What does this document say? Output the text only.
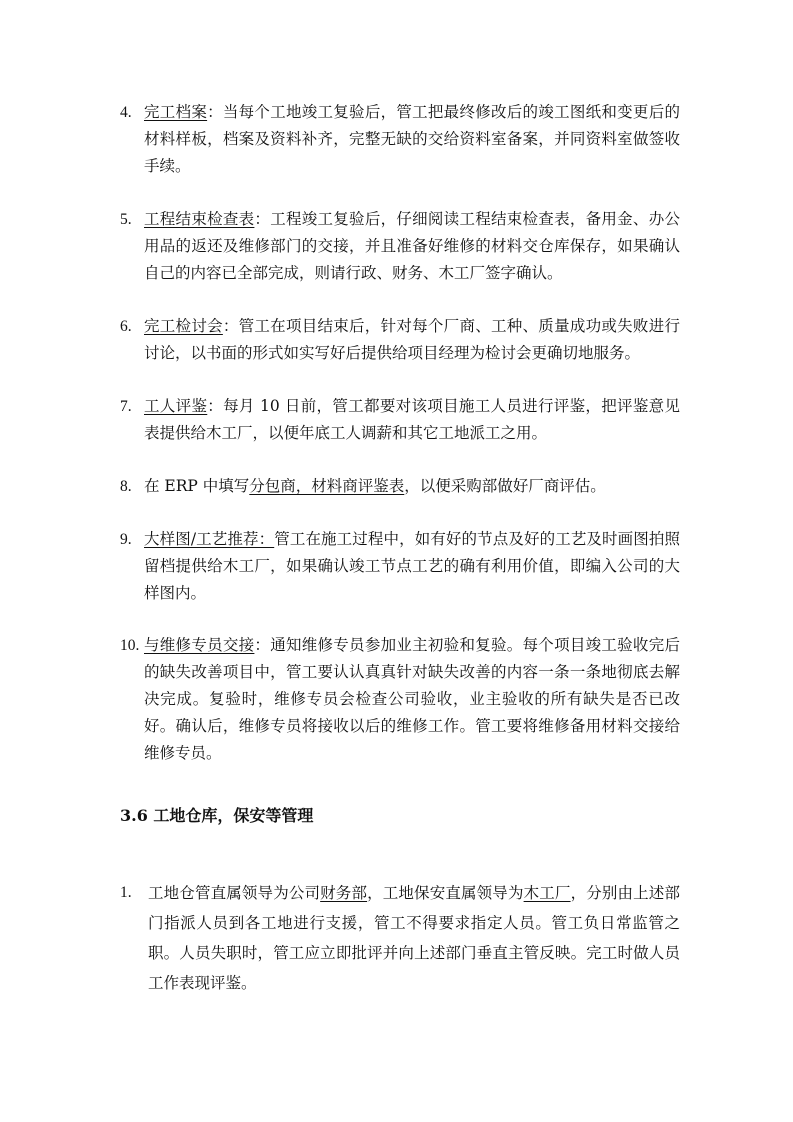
4. 完工档案：当每个工地竣工复验后，管工把最终修改后的竣工图纸和变更后的材料样板，档案及资料补齐，完整无缺的交给资料室备案，并同资料室做签收手续。
5. 工程结束检查表：工程竣工复验后，仔细阅读工程结束检查表，备用金、办公用品的返还及维修部门的交接，并且准备好维修的材料交仓库保存，如果确认自己的内容已全部完成，则请行政、财务、木工厂签字确认。
6. 完工检讨会：管工在项目结束后，针对每个厂商、工种、质量成功或失败进行讨论，以书面的形式如实写好后提供给项目经理为检讨会更确切地服务。
7. 工人评鉴：每月 10 日前，管工都要对该项目施工人员进行评鉴，把评鉴意见表提供给木工厂，以便年底工人调薪和其它工地派工之用。
8. 在 ERP 中填写分包商，材料商评鉴表，以便采购部做好厂商评估。
9. 大样图/工艺推荐：管工在施工过程中，如有好的节点及好的工艺及时画图拍照留档提供给木工厂，如果确认竣工节点工艺的确有利用价值，即编入公司的大样图内。
10. 与维修专员交接：通知维修专员参加业主初验和复验。每个项目竣工验收完后的缺失改善项目中，管工要认认真真针对缺失改善的内容一条一条地彻底去解决完成。复验时，维修专员会检查公司验收，业主验收的所有缺失是否已改好。确认后，维修专员将接收以后的维修工作。管工要将维修备用材料交接给维修专员。
3.6 工地仓库，保安等管理
1.	工地仓管直属领导为公司财务部，工地保安直属领导为木工厂，分别由上述部门指派人员到各工地进行支援，管工不得要求指定人员。管工负日常监管之职。人员失职时，管工应立即批评并向上述部门垂直主管反映。完工时做人员工作表现评鉴。
